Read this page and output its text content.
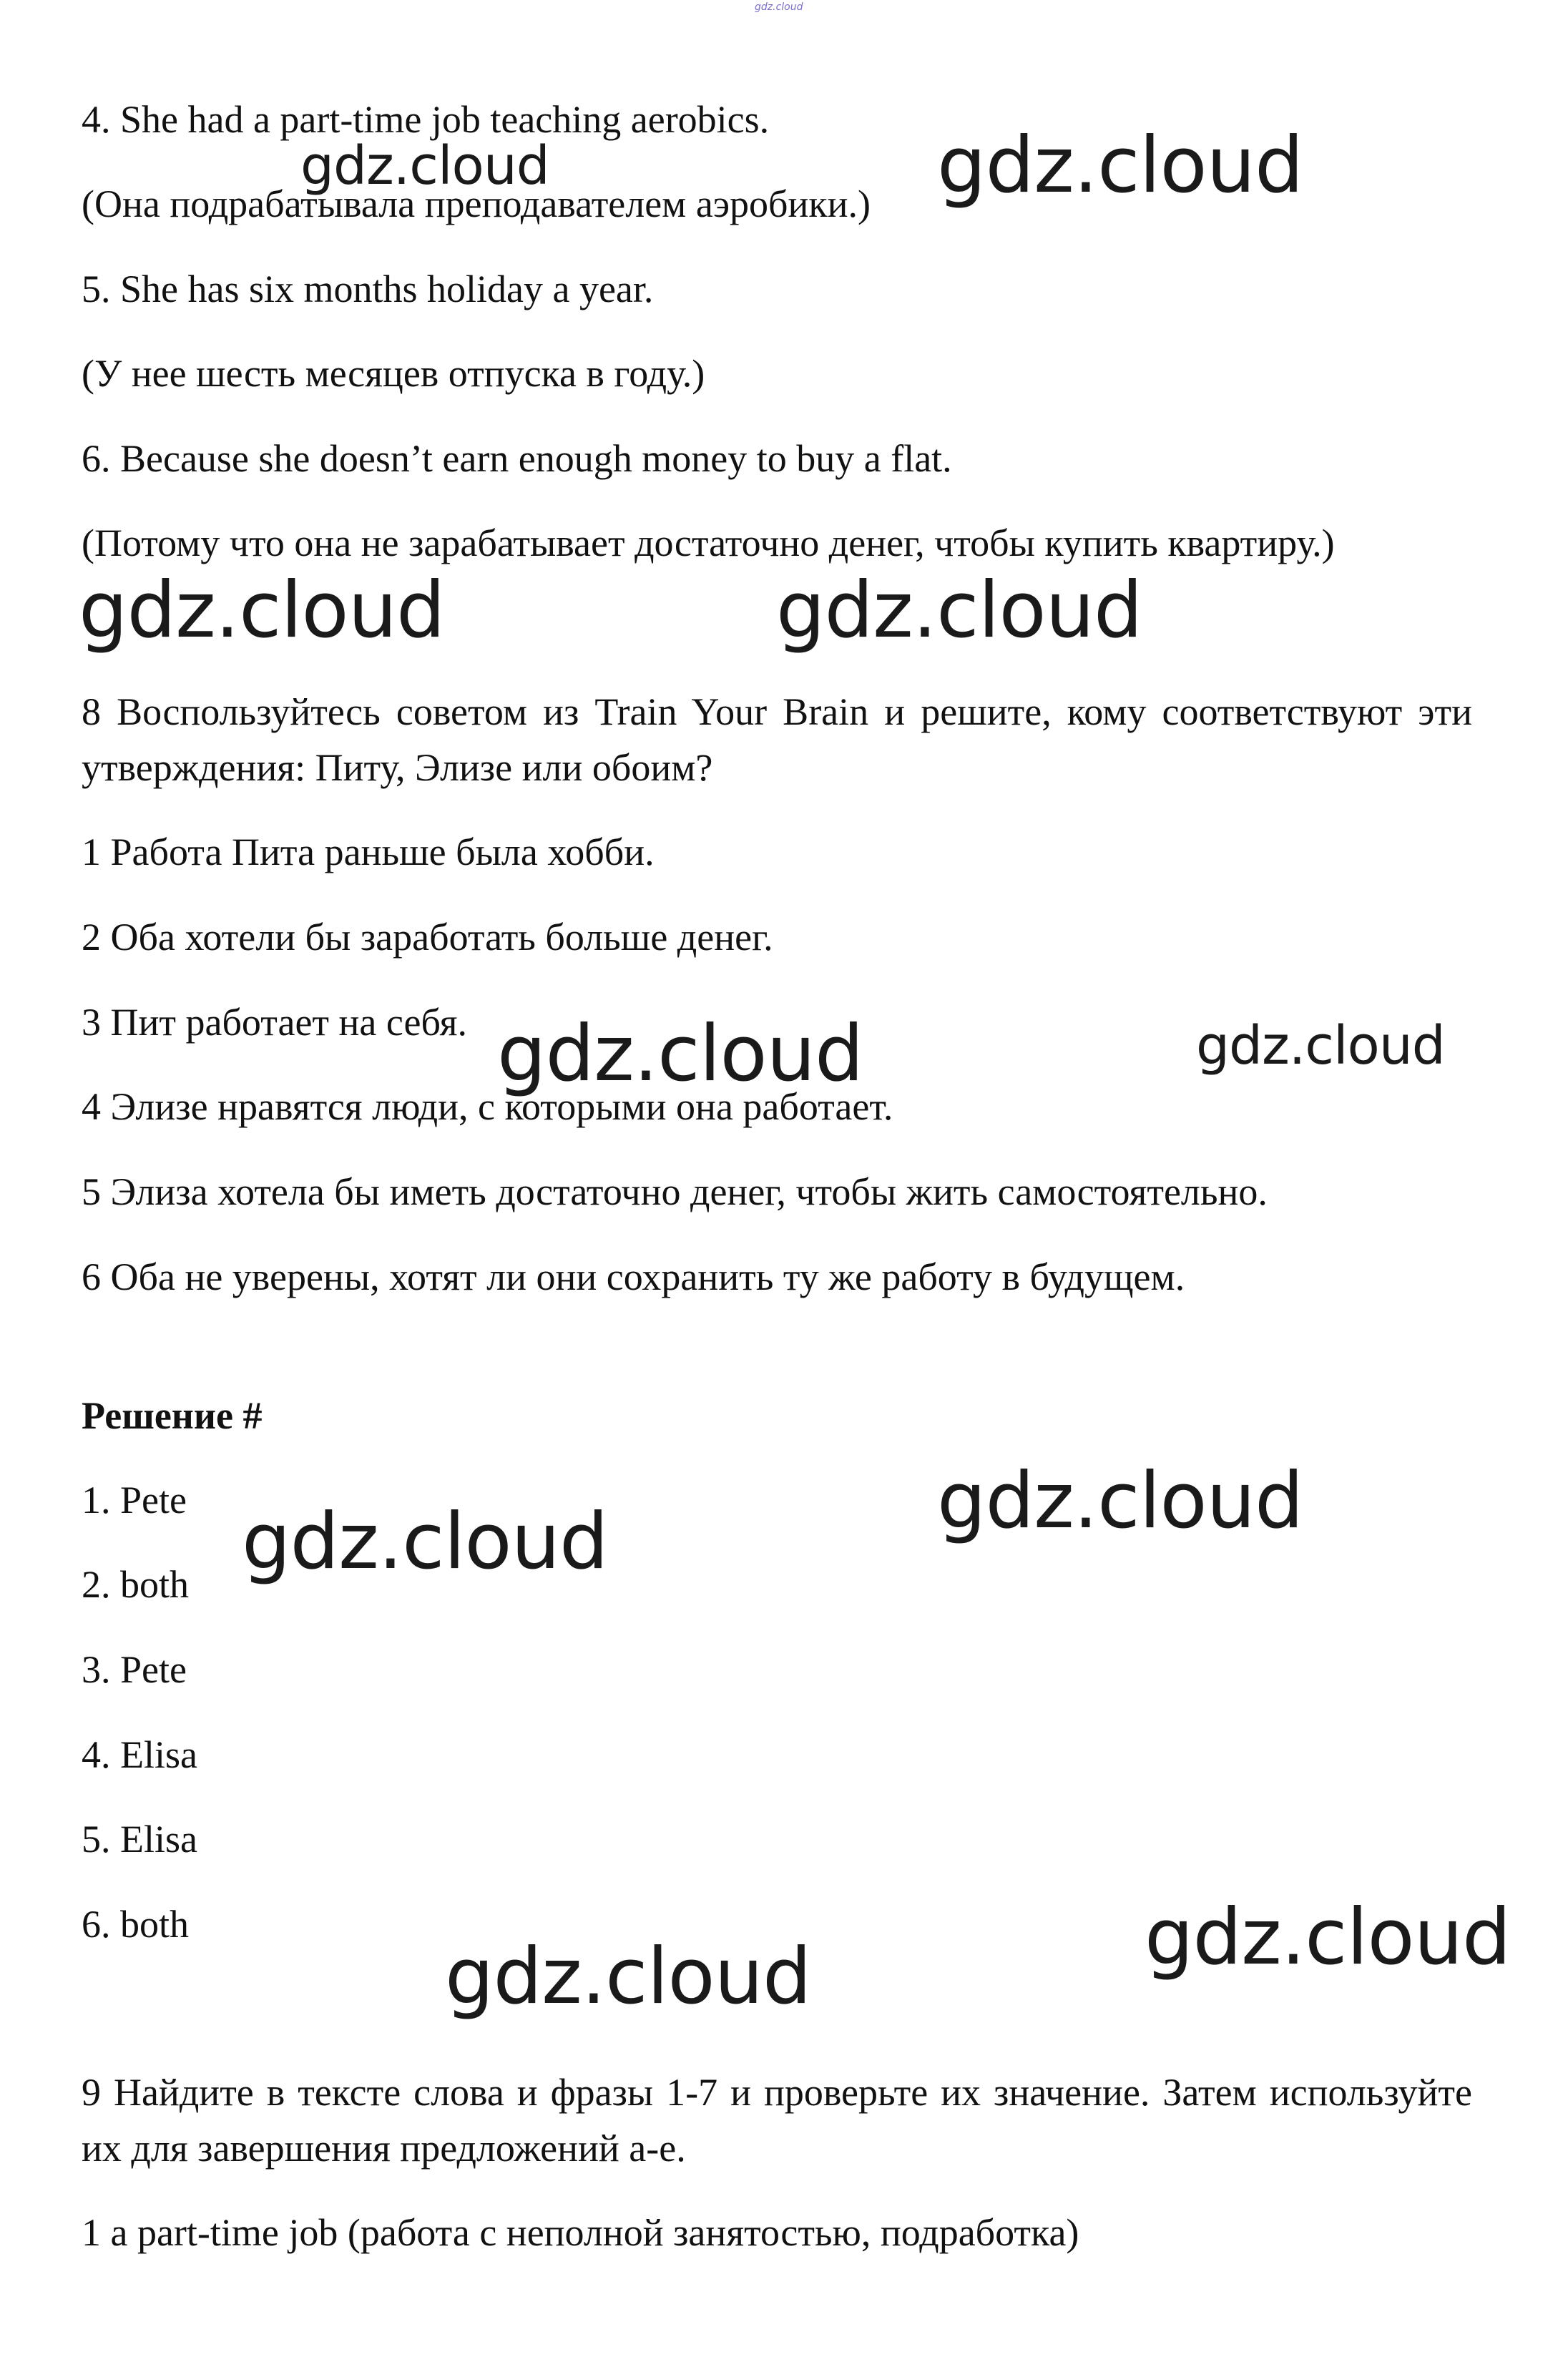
gdz.cloud

4. She had a part-time job teaching aerobics.

(Она подрабатывала преподавателем аэробики.)

5. She has six months holiday a year.

(У нее шесть месяцев отпуска в году.)

6. Because she doesn’t earn enough money to buy a flat.

(Потому что она не зарабатывает достаточно денег, чтобы купить квартиру.)

8 Воспользуйтесь советом из Train Your Brain и решите, кому соответствуют эти утверждения: Питу, Элизе или обоим?

1 Работа Пита раньше была хобби.

2 Оба хотели бы заработать больше денег.

3 Пит работает на себя.

4 Элизе нравятся люди, с которыми она работает.

5 Элиза хотела бы иметь достаточно денег, чтобы жить самостоятельно.

6 Оба не уверены, хотят ли они сохранить ту же работу в будущем.

Решение #

1. Pete

2. both

3. Pete

4. Elisa

5. Elisa

6. both

9 Найдите в тексте слова и фразы 1-7 и проверьте их значение. Затем используйте их для завершения предложений a-e.

1 a part-time job (работа с неполной занятостью, подработка)

gdz.cloud	gdz.cloud
gdz.cloud	gdz.cloud
gdz.cloud	gdz.cloud
gdz.cloud
gdz.cloud
gdz.cloud
gdz.cloud
